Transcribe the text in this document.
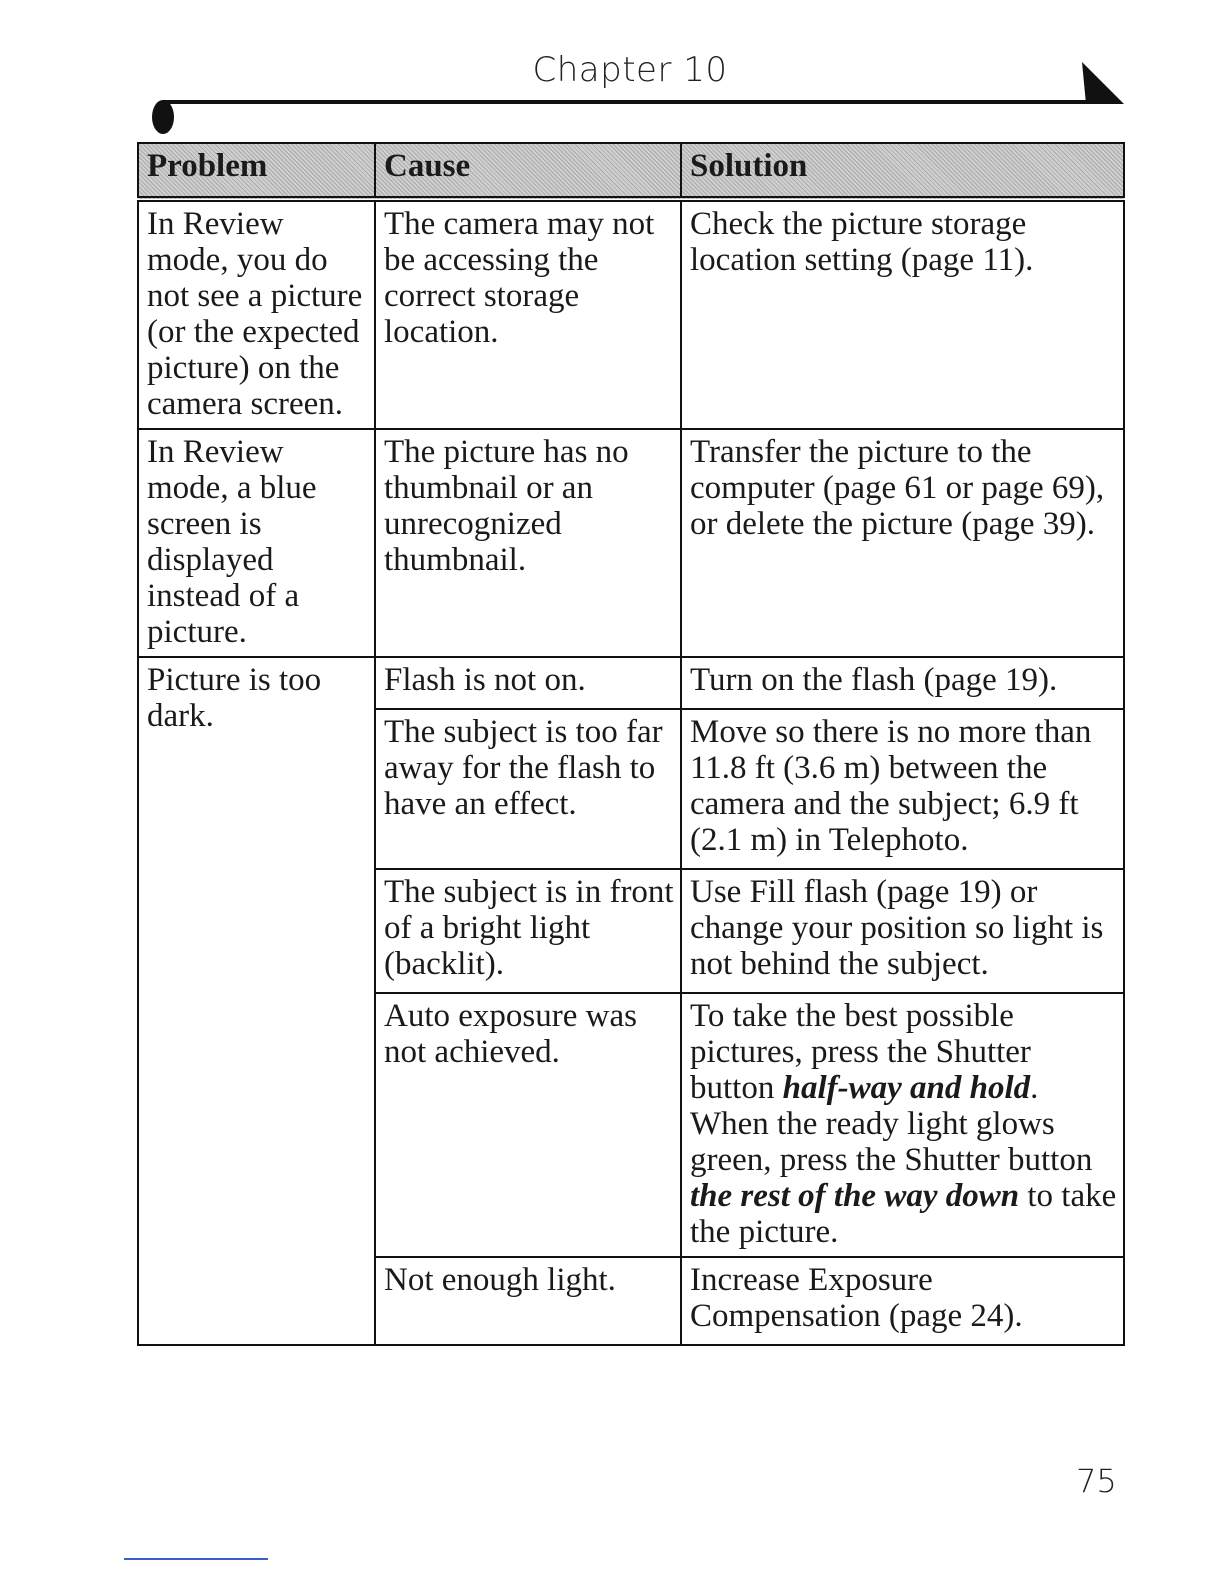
Chapter 10
Problem	Cause	Solution
In Review mode, you do not see a picture (or the expected picture) on the camera screen.	The camera may not be accessing the correct storage location.	Check the picture storage location setting (page 11).
In Review mode, a blue screen is displayed instead of a picture.	The picture has no thumbnail or an unrecognized thumbnail.	Transfer the picture to the computer (page 61 or page 69), or delete the picture (page 39).
Picture is too dark.	Flash is not on.	Turn on the flash (page 19).
	The subject is too far away for the flash to have an effect.	Move so there is no more than 11.8 ft (3.6 m) between the camera and the subject; 6.9 ft (2.1 m) in Telephoto.
	The subject is in front of a bright light (backlit).	Use Fill flash (page 19) or change your position so light is not behind the subject.
	Auto exposure was not achieved.	To take the best possible pictures, press the Shutter button half-way and hold. When the ready light glows green, press the Shutter button the rest of the way down to take the picture.
	Not enough light.	Increase Exposure Compensation (page 24).
75
